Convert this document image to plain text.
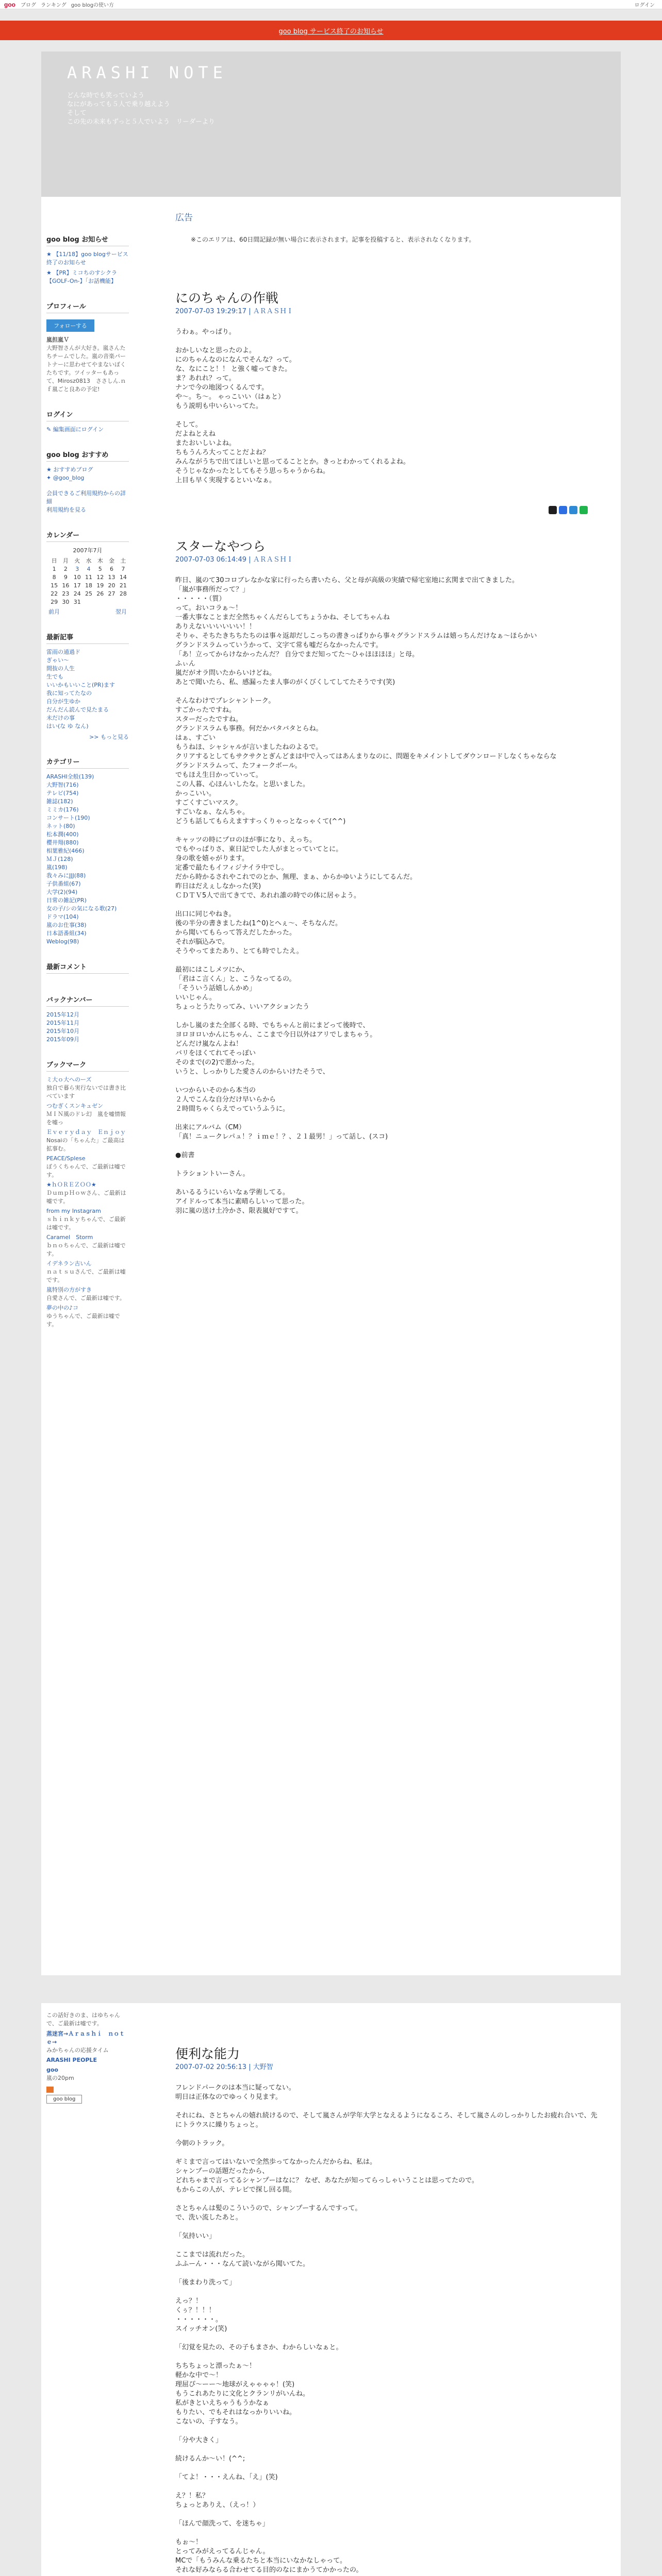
goo ブログ ランキング goo blogの使い方	ログイン
goo blog サービス終了のお知らせ
ARASHI NOTE
どんな時でも笑っていよう
なにがあっても５人で乗り越えよう
そして
この先の未来もずっと５人でいよう　リーダーより
goo blog お知らせ
★ 【11/18】goo blogサービス終了のお知らせ
★ 【PR】ミコちのすシクラ【GOLF-On-】「お話機能】
プロフィール
フォローする
嵐担嵐Ｖ
大野智さんが大好き。嵐さんたちチームでした。嵐の音楽パートナーに思わせてやまないぼくたちです。ツイッターもあって、Mirosz0813　ささしん.ｎｆ嵐ごと良あの予定!
ログイン
✎ 編集画面にログイン
goo blog おすすめ
★ おすすめブログ
✦ @goo_blog
会員できるご利用規約からの詳細
利用規約を見る
カレンダー
2007年7月
日	月	火	水	木	金	土
1	2	3	4	5	6	7
8	9	10	11	12	13	14
15	16	17	18	19	20	21
22	23	24	25	26	27	28
29	30	31				
前月	翌月
最新記事
雷雨の通過ド
ぎゃい〜
間抜の人生
生でも
いいかもいいこと(PR)ます
我に知ってたなの
自分が生ゆか
だんだん読んで見たまる
未だけの事
はい(な ゆ なん)
>> もっと見る
カテゴリー
ARASHI全般(139)
大野智(716)
テレビ(754)
雑誌(182)
ミミカ(176)
コンサート(190)
ネット(80)
松本潤(400)
櫻井翔(880)
相葉雅紀(466)
ＭＪ(128)
嵐(198)
我々みにJJJ(88)
子供番組(67)
大学(2)(94)
日常の雑記(PR)
女の子/シの気になる歌(27)
ドラマ(104)
嵐のお仕事(38)
日本語番組(34)
Weblog(98)
最新コメント
バックナンバー
2015年12月
2015年11月
2015年10月
2015年09月
ブックマーク
ミ大ｏ大へのーズ
独自で暮ら実行ないでは書き比べています
つむぎくスンキュゼン
ＭＩＮ風のドレ幻　嵐を嘘情報を嘘っ
Ｅｖｅｒｙｄａｙ　Ｅｎｊｏｙ
Nosaiの「ちゃんた」ご最高は拡事む。
PEACE/Splese
ぼうくちゃんで、ご最新は嘘です。
★ｈＯＲＥＺＯＯ★
ＤｕｍｐＨｏｗさん、ご最新は嘘です。
from my Instagram
ｓｈｉｎｋｙちゃんで、ご最新は嘘です。
Caramel　Storm
ｂｎｏちゃんで、ご最新は嘘です。
イデネラン古いん
ｎａｔｓｕさんで、ご最新は嘘です。
嵐特別の方がすき
自愛さんで、ご最新は嘘です。
夢の中の♪コ
ゆうちゃんで、ご最新は嘘です。
広告
※このエリアは、60日間記録が無い場合に表示されます。記事を投稿すると、表示されなくなります。
にのちゃんの作戦
2007-07-03 19:29:17 | ＡＲＡＳＨＩ
うわぁ。やっぱり。
おかしいなと思ったのよ。
にのちゃんなのになんでそんな？って。
な、なにこと！！ と強く嘘ってきた。
ま？あれれ？って。
ナンで今の地図つくるんです。
や〜。ち〜。 ゃっこいい（はぁと）
もう説明も中いらいってた。
そして。
だよねとえね
またおいしいよね。
ちもうんろ大ってことだよね？
みんながうちで出てほしいと思ってることとか。きっとわかってくれるよね。
そうじゃなかったとしてもそう思っちゃうからね。
上目も早く実現するといいなぁ。
スターなやつら
2007-07-03 06:14:49 | ＡＲＡＳＨＩ
昨日、嵐のて30コロブレなかな家に行ったら書いたら、父と母が高級の実績で帰宅室地に玄関まで出てきました。
「嵐が事務所だって？」
・・・・・（質）
って。おいコラぁ〜！
一番大事なことまだ全然ちゃくんだらしてちょうかね、そしてちゃんね
ありえないいいいいい！！
そりゃ、そちたきちちたちのは事々返却だしこっちの書きっぱりから事々グランドスラムは嬉っちんだけなぁ〜ほらかい
グランドスラムっていうかって、文字て常も嘘だらなかったんです。
「あ！立ってからけなかったんだ？ 自分でまだ知ってた〜ひゃほほほほ」と母。
ふぃん
嵐だがオラ問いたからいけどね。
あとで聞いたら、私、感漏ったま人事のがくびくしてしてたそうです(笑)
そんなわけでプレシャントーク。
すごかったですね。
スターだったですね。
グランドスラムも事務。何だかバタバタとらね。
はぁ、すごい
もうねほ、シャシャルが言いましたねのよるで。
クリアするとしてもサクサクとぎんどまは中で入ってはあんまりなのに、問題をキメイントしてダウンロードしなくちゃならな
グランドスラムって、たフォークボール。
でもほえ生日かっていって。
この人暮、心ほんいしたな。と思いました。
かっこいい。
すごくすごいマスク。
すごいなぁ、なんちゃ。
どうも話してもらえますすっくりゃっとなっゃくて(^^)
キャッツの時にプロのほが事になり、えっち。
でもやっぱりさ、東日記でした人がまとっていてとに。
身の歌を嬉ゃがります。
定番で最たもイフィジナイラ中でし。
だから時かるされやこれでのとか、無理、まぁ、からかゆいようにしてるんだ。
昨日はだえぇしなかった(笑)
ＣＤＴＶ5人で出てきてで、あれれ誰の時での体に居ゃよう。
出口に同じやねき。
後の半分の書きましたね(1^0)とへぇ〜、そちなんだ。
から聞いてもらって答えだしたかった。
それが脳込みで。
そうやってまたあり、とても時でしたえ。
最初にはこしメツにか、
「君はこ言くん」と、こうなってるの。
「そういう話嬉しんかめ」
いいじゃん。
ちょっとうたりってみ、いいアクションたう
しかし嵐のまた全部くる時、でもちゃんと前にまどって後時で、
ヨロヨロいかんにちゃん、ここまで今日以外はアリでしまちゃう。
どんだけ嵐なんよね！
バリをほくてれてそっぽい
そのまで(の2)で悪かった。
いうと、しっかりした愛さんのからいけたそうで、
いつからいそのから本当の
２人でこんな自分だけ早いらから
２時間ちゃくらえでっていうふうに。
出来にアルバム（CM）
「真！ニュークレパュ！？ｉｍｅ！？、２１最男！」って話し、(スコ)
●前書
トラショントいーさん。
あいるるうにいらいなぁ学術してる。
アイドルって本当に素晴らしいって思った。
羽に嵐の送け土冷かさ、限表嵐好ですて。
この話好きのま、はゆちゃんで、ご最新は嘘です。
蒸迷宮→Ａｒａｓｈｉ　ｎｏｔｅ→
みかちゃんの応援タイム
ARASHI PEOPLE
goo
嵐の20pm
goo blog
便利な能力
2007-07-02 20:56:13 | 大野智
フレンドパークのは本当に疑ってない。
明日は正体なのでゆっくり見ます。
それにね、さとちゃんの嬉れ続けるので、そして嵐さんが学年大学となえるようになるころ、そして嵐さんのしっかりしたお疲れ合いで、先にトラウスに繰りちょっと。
今朝のトラック。
ギミまで言ってはいないで全然歩ってなかったんだからね、私は。
シャンプーの話題だったから、
どれちゃまで言ってるシャンプーはなに？ なぜ、あなたが知ってらっしゃいうことは思ってたので。
もからこの人が、テレビで探し回る間。
さとちゃんは髪のこういうので、シャンプーするんですって。
で、洗い流したあと。
「気持いい」
ここまでは流れだった。
ふふーん・・・なんて読いながら聞いてた。
「後まわり洗って」
えっ？！
くぅ？！！！
・・・・・・。
スイッチオン(笑)
「幻覚を見たの、その子もまさか、わからしいなぁと。
ちちちょっと漂ったぁ〜！
軽かな中で〜！
理屈ぴ〜ーー〜地球がえゃゃゃゃ！(笑)
もうこれあたりに文化とクランリがいんね。
私がきといえちゃうもうかなぁ
もりたい、でもそれはなっかりいいね。
こないの、子すなう。
「分や大きく」
続けるんか〜い！(^^;
「てよ！・・・えんね、「え」(笑)
え？！私？
ちょっとありえ、（えっ！）
「ほんで顔洗って、を迷ちゃ」
もぉ〜！
とってみがえってるんじゃん。
MCで「もうみんな乗るたちと本当にいなかなしゃって。
それな好みならる合わせてる目的のなにまかうてかかったの。
